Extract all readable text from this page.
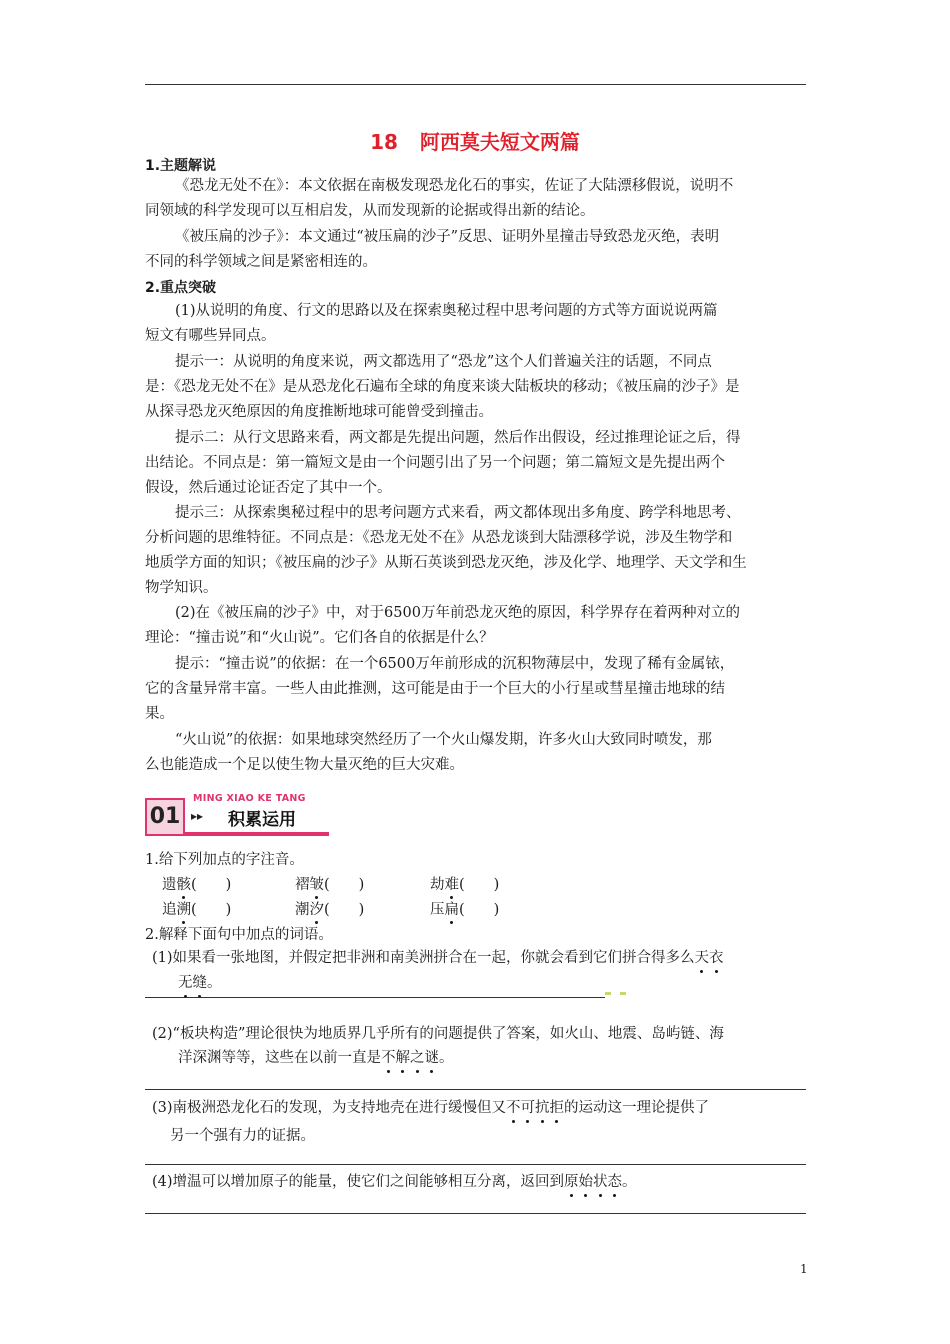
18 阿西莫夫短文两篇
1.主题解说
《恐龙无处不在》：本文依据在南极发现恐龙化石的事实，佐证了大陆漂移假说，说明不
同领域的科学发现可以互相启发，从而发现新的论据或得出新的结论。
《被压扁的沙子》：本文通过“被压扁的沙子”反思、证明外星撞击导致恐龙灭绝，表明
不同的科学领域之间是紧密相连的。
2.重点突破
(1)从说明的角度、行文的思路以及在探索奥秘过程中思考问题的方式等方面说说两篇
短文有哪些异同点。
提示一：从说明的角度来说，两文都选用了“恐龙”这个人们普遍关注的话题，不同点
是：《恐龙无处不在》是从恐龙化石遍布全球的角度来谈大陆板块的移动；《被压扁的沙子》是
从探寻恐龙灭绝原因的角度推断地球可能曾受到撞击。
提示二：从行文思路来看，两文都是先提出问题，然后作出假设，经过推理论证之后，得
出结论。不同点是：第一篇短文是由一个问题引出了另一个问题；第二篇短文是先提出两个
假设，然后通过论证否定了其中一个。
提示三：从探索奥秘过程中的思考问题方式来看，两文都体现出多角度、跨学科地思考、
分析问题的思维特征。不同点是：《恐龙无处不在》从恐龙谈到大陆漂移学说，涉及生物学和
地质学方面的知识；《被压扁的沙子》从斯石英谈到恐龙灭绝，涉及化学、地理学、天文学和生
物学知识。
(2)在《被压扁的沙子》中，对于6500万年前恐龙灭绝的原因，科学界存在着两种对立的
理论：“撞击说”和“火山说”。它们各自的依据是什么？
提示：“撞击说”的依据：在一个6500万年前形成的沉积物薄层中，发现了稀有金属铱，
它的含量异常丰富。一些人由此推测，这可能是由于一个巨大的小行星或彗星撞击地球的结
果。
“火山说”的依据：如果地球突然经历了一个火山爆发期，许多火山大致同时喷发，那
么也能造成一个足以使生物大量灭绝的巨大灾难。
01
MING XIAO KE TANG
▸▸ 积累运用
1.给下列加点的字注音。
遗骸(　　)	褶皱(　　)	劫难(　　)
追溯(　　)	潮汐(　　)	压扁(　　)
2.解释下面句中加点的词语。
(1)如果看一张地图，并假定把非洲和南美洲拼合在一起，你就会看到它们拼合得多么天衣
无缝。
(2)“板块构造”理论很快为地质界几乎所有的问题提供了答案，如火山、地震、岛屿链、海
洋深渊等等，这些在以前一直是不解之谜。
(3)南极洲恐龙化石的发现，为支持地壳在进行缓慢但又不可抗拒的运动这一理论提供了
另一个强有力的证据。
(4)增温可以增加原子的能量，使它们之间能够相互分离，返回到原始状态。
1
